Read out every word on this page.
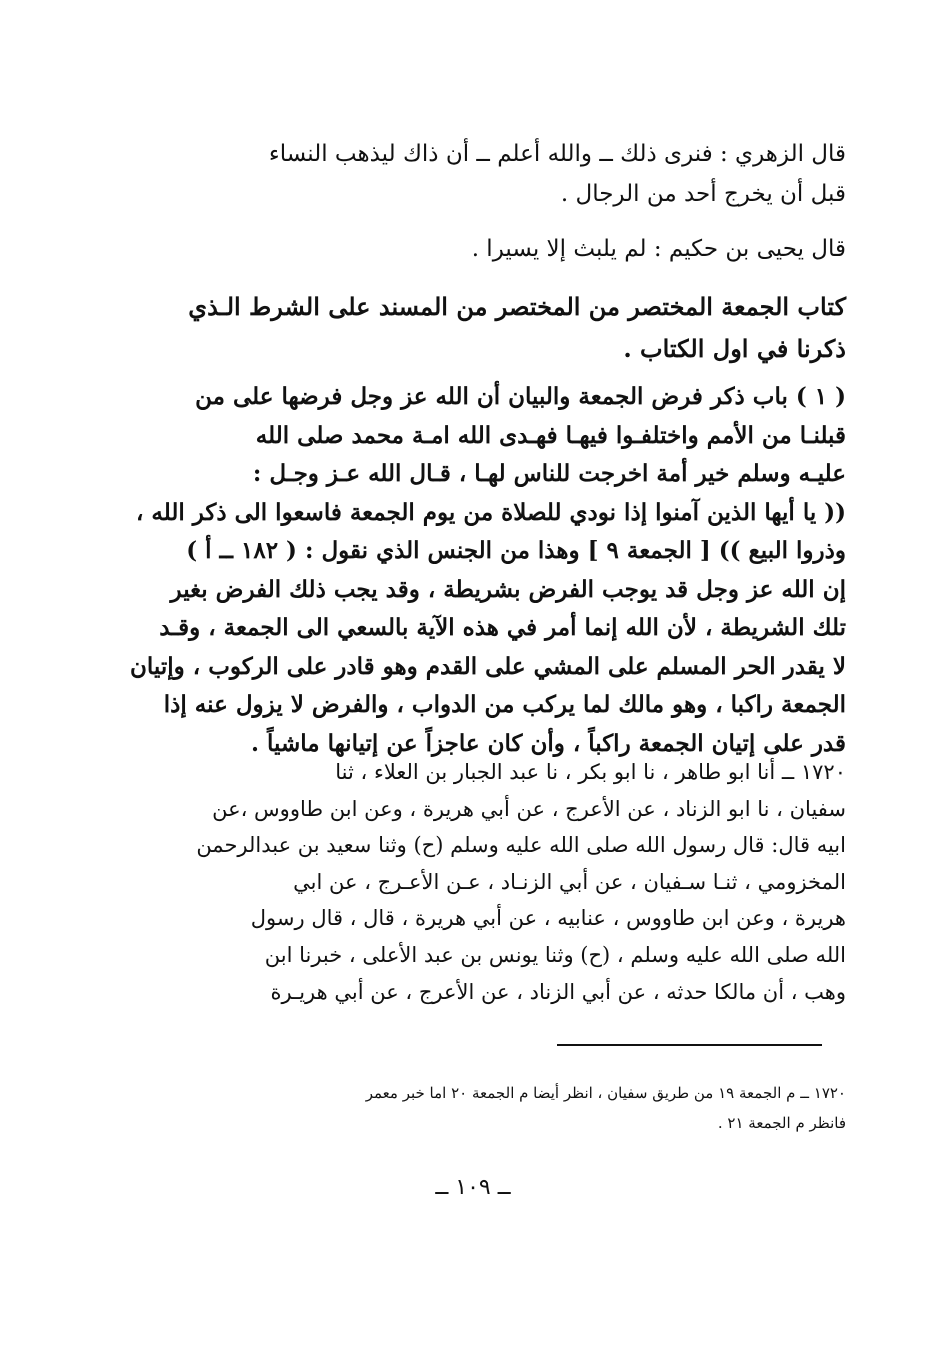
قال الزهري : فنرى ذلك ــ والله أعلم ــ أن ذاك ليذهب النساء
قبل أن يخرج أحد من الرجال .
قال يحيى بن حكيم : لم يلبث إلا يسيرا .
كتاب الجمعة المختصر من المختصر من المسند على الشرط الـذي
ذكرنا في اول الكتاب .
( ١ ) باب ذكر فرض الجمعة والبيان أن الله عز وجل فرضها على من
قبلنـا من الأمم واختلفـوا فيهـا فهـدى الله امـة محمد صلى الله
عليـه وسلم خير أمة اخرجت للناس لهـا ، قـال الله عـز وجـل :
(( يا أيها الذين آمنوا إذا نودي للصلاة من يوم الجمعة فاسعوا الى ذكر الله ،
وذروا البيع )) [ الجمعة ٩ ] وهذا من الجنس الذي نقول : ( ١٨٢ ــ أ )
إن الله عز وجل قد يوجب الفرض بشريطة ، وقد يجب ذلك الفرض بغير
تلك الشريطة ، لأن الله إنما أمر في هذه الآية بالسعي الى الجمعة ، وقـد
لا يقدر الحر المسلم على المشي على القدم وهو قادر على الركوب ، وإتيان
الجمعة راكبا ، وهو مالك لما يركب من الدواب ، والفرض لا يزول عنه إذا
قدر على إتيان الجمعة راكباً ، وأن كان عاجزاً عن إتيانها ماشياً .
١٧٢٠ ــ أنا ابو طاهر ، نا ابو بكر ، نا عبد الجبار بن العلاء ، ثنا
سفيان ، نا ابو الزناد ، عن الأعرج ، عن أبي هريرة ، وعن ابن طاووس ،عن
ابيه قال: قال رسول الله صلى الله عليه وسلم (ح) وثنا سعيد بن عبدالرحمن
المخزومي ، ثنـا سـفيان ، عن أبي الزنـاد ، عـن الأعـرج ، عن ابي
هريرة ، وعن ابن طاووس ، عنابيه ، عن أبي هريرة ، قال ، قال رسول
الله صلى الله عليه وسلم ، (ح) وثنا يونس بن عبد الأعلى ، خبرنا ابن
وهب ، أن مالكا حدثه ، عن أبي الزناد ، عن الأعرج ، عن أبي هريـرة
١٧٢٠ ــ م الجمعة ١٩ من طريق سفيان ، انظر أيضا م الجمعة ٢٠ اما خبر معمر
فانظر م الجمعة ٢١ .
ــ ١٠٩ ــ
